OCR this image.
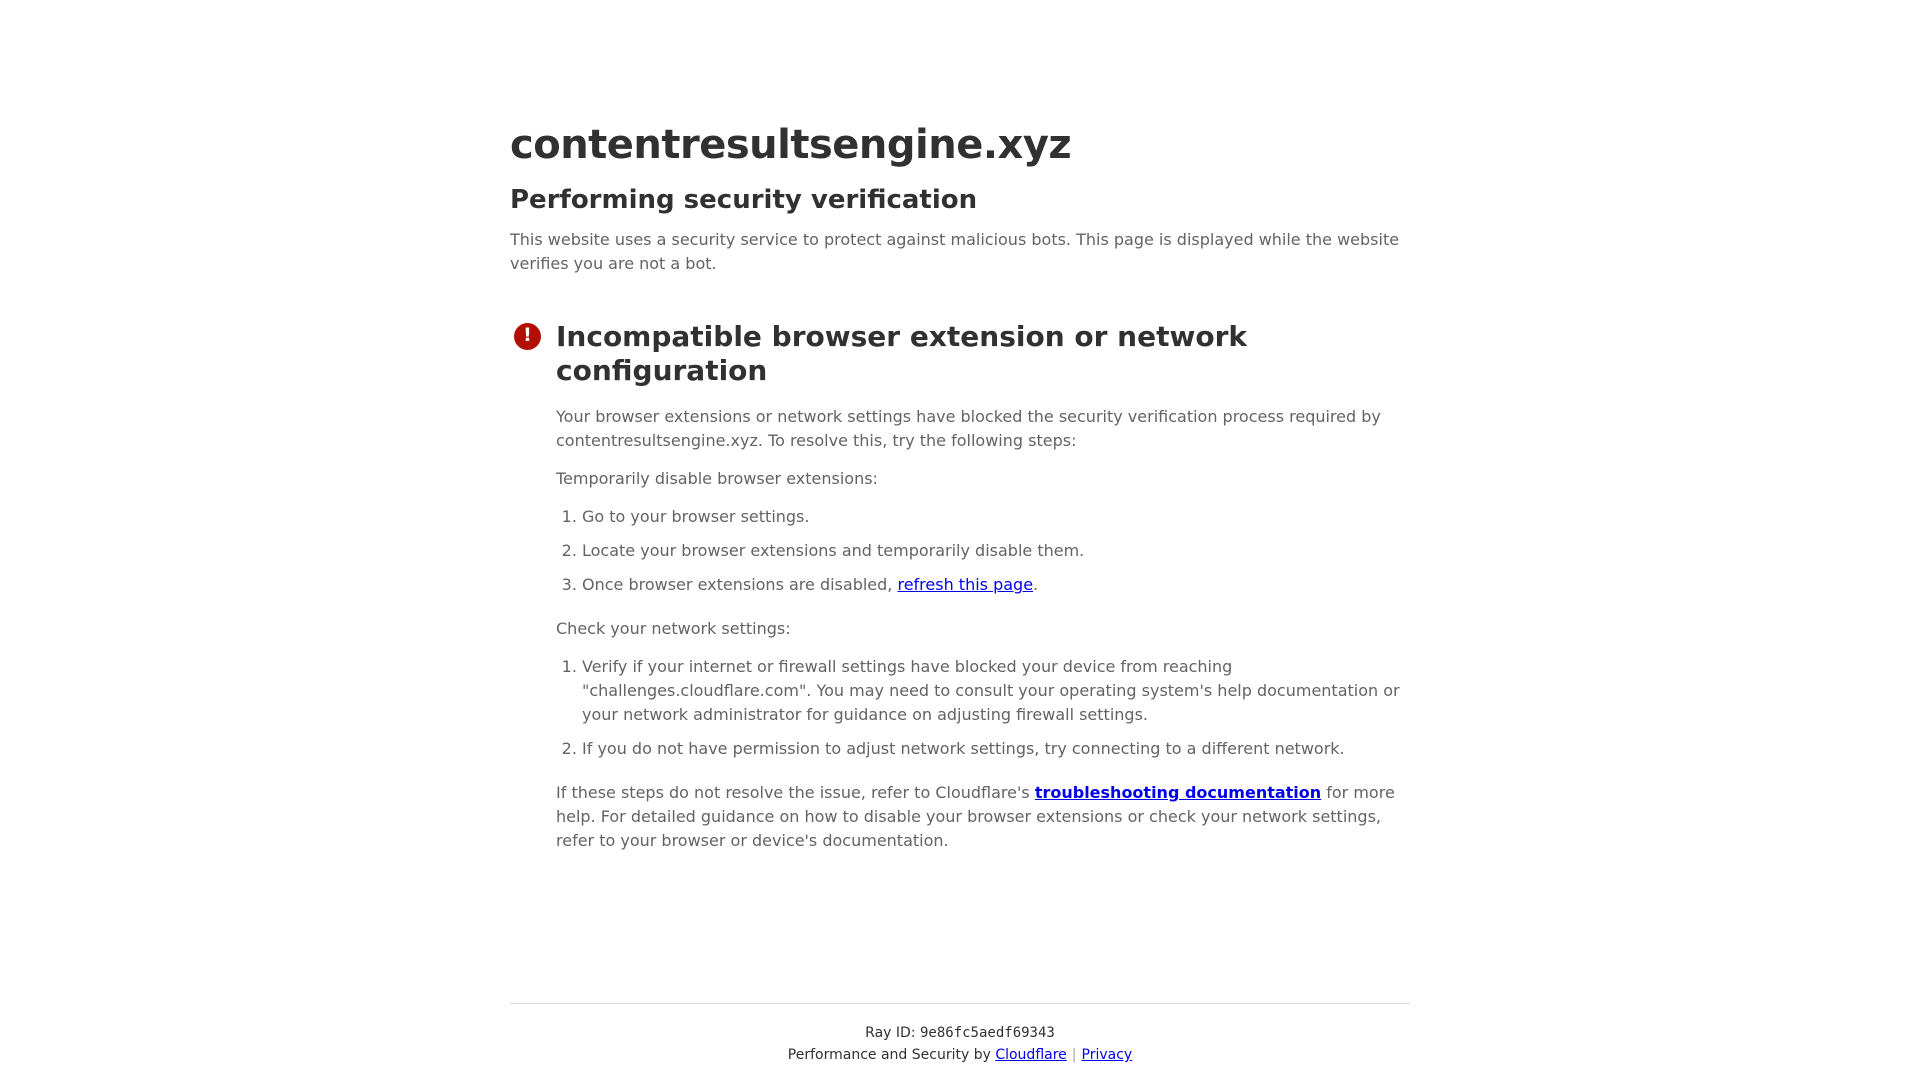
contentresultsengine.xyz
Performing security verification

This website uses a security service to protect against malicious bots. This page is displayed while the website verifies you are not a bot.

! Incompatible browser extension or network configuration

Your browser extensions or network settings have blocked the security verification process required by contentresultsengine.xyz. To resolve this, try the following steps:

Temporarily disable browser extensions:

1. Go to your browser settings.
2. Locate your browser extensions and temporarily disable them.
3. Once browser extensions are disabled, refresh this page.

Check your network settings:

1. Verify if your internet or firewall settings have blocked your device from reaching "challenges.cloudflare.com". You may need to consult your operating system's help documentation or your network administrator for guidance on adjusting firewall settings.
2. If you do not have permission to adjust network settings, try connecting to a different network.

If these steps do not resolve the issue, refer to Cloudflare's troubleshooting documentation for more help. For detailed guidance on how to disable your browser extensions or check your network settings, refer to your browser or device's documentation.

Ray ID: 9e86fc5aedf69343
Performance and Security by Cloudflare | Privacy
